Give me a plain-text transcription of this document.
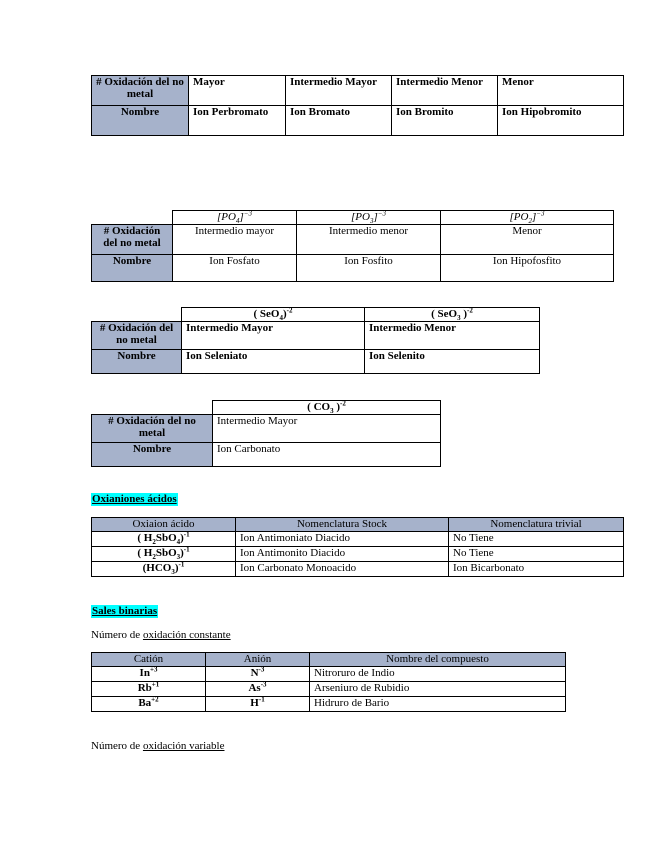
# Oxidación del no metal	Mayor	Intermedio Mayor	Intermedio Menor	Menor
Nombre	Ion Perbromato	Ion Bromato	Ion Bromito	Ion Hipobromito
	$[PO_4]^{-3}$	$[PO_3]^{-3}$	$[PO_2]^{-3}$
# Oxidación del no metal	Intermedio mayor	Intermedio menor	Menor
Nombre	Ion Fosfato	Ion Fosfito	Ion Hipofosfito
	( SeO$_4$)$^{-2}$	( SeO$_3$ )$^{-2}$
# Oxidación del no metal	Intermedio Mayor	Intermedio Menor
Nombre	Ion Seleniato	Ion Selenito
	( $CO_3$ )$^{-2}$
# Oxidación del no metal	Intermedio Mayor
Nombre	Ion Carbonato
Oxianiones ácidos
Oxiaion ácido	Nomenclatura Stock	Nomenclatura trivial
( $H_2SbO_4)^{-1}$	Ion Antimoniato Diacido	No Tiene
( $H_2SbO_3)^{-1}$	Ion Antimonito Diacido	No Tiene
$(HCO_3)^{-1}$	Ion Carbonato Monoacido	Ion Bicarbonato
Sales binarias
Número de oxidación constante
Catión	Anión	Nombre del compuesto
$In^{+3}$	$N^{-3}$	Nitroruro de Indio
$Rb^{+1}$	$As^{-3}$	Arseniuro de Rubidio
$Ba^{+2}$	$H^{-1}$	Hidruro de Bario
Número de oxidación variable
